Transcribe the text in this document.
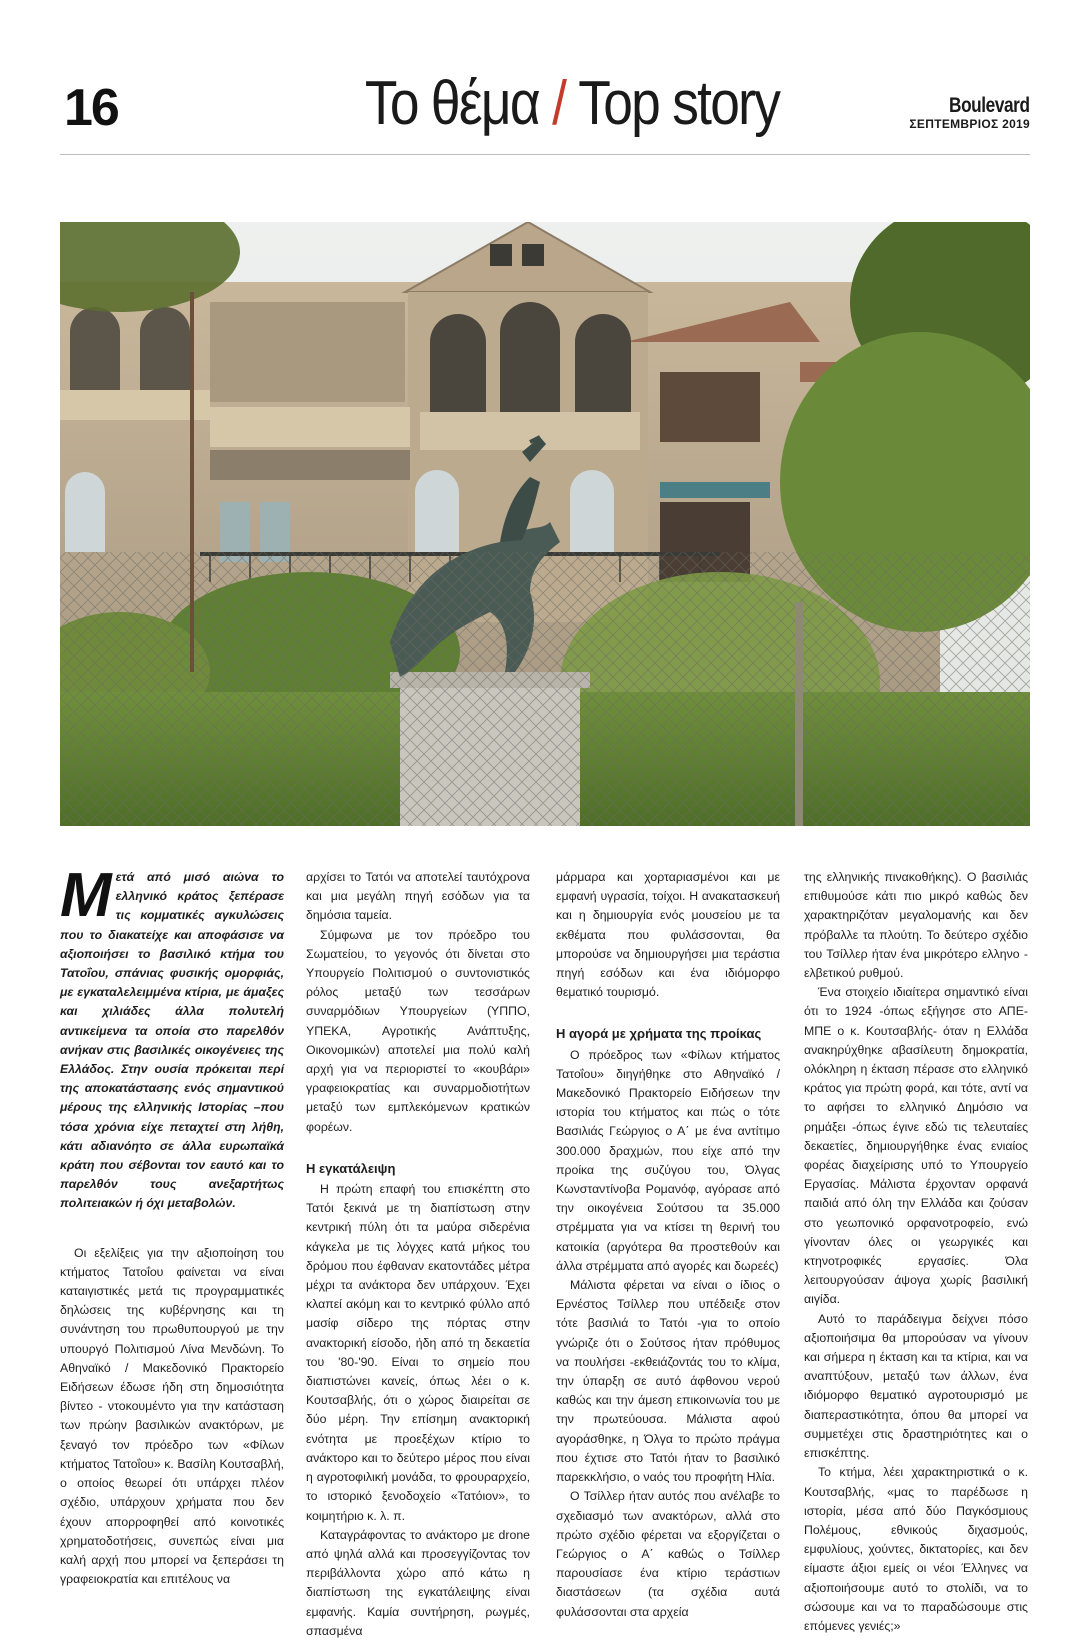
16	Το θέμα / Top story	Boulevard
ΣΕΠΤΕΜΒΡΙΟΣ 2019

Μετά από μισό αιώνα το ελληνικό κράτος ξεπέρασε τις κομματικές αγκυλώσεις που το διακατείχε και αποφάσισε να αξιοποιήσει το βασιλικό κτήμα του Τατοΐου, σπάνιας φυσικής ομορφιάς, με εγκαταλελειμμένα κτίρια, με άμαξες και χιλιάδες άλλα πολυτελή αντικείμενα τα οποία στο παρελθόν ανήκαν στις βασιλικές οικογένειες της Ελλάδος. Στην ουσία πρόκειται περί της αποκατάστασης ενός σημαντικού μέρους της ελληνικής Ιστορίας –που τόσα χρόνια είχε πεταχτεί στη λήθη, κάτι αδιανόητο σε άλλα ευρωπαϊκά κράτη που σέβονται τον εαυτό και το παρελθόν τους ανεξαρτήτως πολιτειακών ή όχι μεταβολών.

Οι εξελίξεις για την αξιοποίηση του κτήματος Τατοΐου φαίνεται να είναι καταιγιστικές μετά τις προγραμματικές δηλώσεις της κυβέρνησης και τη συνάντηση του πρωθυπουργού με την υπουργό Πολιτισμού Λίνα Μενδώνη. Το Αθηναϊκό / Μακεδονικό Πρακτορείο Ειδήσεων έδωσε ήδη στη δημοσιότητα βίντεο - ντοκουμέντο για την κατάσταση των πρώην βασιλικών ανακτόρων, με ξεναγό τον πρόεδρο των «Φίλων κτήματος Τατοΐου» κ. Βασίλη Κουτσαβλή, ο οποίος θεωρεί ότι υπάρχει πλέον σχέδιο, υπάρχουν χρήματα που δεν έχουν απορροφηθεί από κοινοτικές χρηματοδοτήσεις, συνεπώς είναι μια καλή αρχή που μπορεί να ξεπεράσει τη γραφειοκρατία και επιτέλους να

αρχίσει το Τατόι να αποτελεί ταυτόχρονα και μια μεγάλη πηγή εσόδων για τα δημόσια ταμεία.

Σύμφωνα με τον πρόεδρο του Σωματείου, το γεγονός ότι δίνεται στο Υπουργείο Πολιτισμού ο συντονιστικός ρόλος μεταξύ των τεσσάρων συναρμόδιων Υπουργείων (ΥΠΠΟ, ΥΠΕΚΑ, Αγροτικής Ανάπτυξης, Οικονομικών) αποτελεί μια πολύ καλή αρχή για να περιοριστεί το «κουβάρι» γραφειοκρατίας και συναρμοδιοτήτων μεταξύ των εμπλεκόμενων κρατικών φορέων.

Η εγκατάλειψη

Η πρώτη επαφή του επισκέπτη στο Τατόι ξεκινά με τη διαπίστωση στην κεντρική πύλη ότι τα μαύρα σιδερένια κάγκελα με τις λόγχες κατά μήκος του δρόμου που έφθαναν εκατοντάδες μέτρα μέχρι τα ανάκτορα δεν υπάρχουν. Έχει κλαπεί ακόμη και το κεντρικό φύλλο από μασίφ σίδερο της πόρτας στην ανακτορική είσοδο, ήδη από τη δεκαετία του '80-'90. Είναι το σημείο που διαπιστώνει κανείς, όπως λέει ο κ. Κουτσαβλής, ότι ο χώρος διαιρείται σε δύο μέρη. Την επίσημη ανακτορική ενότητα με προεξέχων κτίριο το ανάκτορο και το δεύτερο μέρος που είναι η αγροτοφιλική μονάδα, το φρουραρχείο, το ιστορικό ξενοδοχείο «Τατόιον», το κοιμητήριο κ. λ. π.

Καταγράφοντας το ανάκτορο με drone από ψηλά αλλά και προσεγγίζοντας τον περιβάλλοντα χώρο από κάτω η διαπίστωση της εγκατάλειψης είναι εμφανής. Καμία συντήρηση, ρωγμές, σπασμένα

μάρμαρα και χορταριασμένοι και με εμφανή υγρασία, τοίχοι. Η ανακατασκευή και η δημιουργία ενός μουσείου με τα εκθέματα που φυλάσσονται, θα μπορούσε να δημιουργήσει μια τεράστια πηγή εσόδων και ένα ιδιόμορφο θεματικό τουρισμό.

Η αγορά με χρήματα της προίκας

Ο πρόεδρος των «Φίλων κτήματος Τατοΐου» διηγήθηκε στο Αθηναϊκό / Μακεδονικό Πρακτορείο Ειδήσεων την ιστορία του κτήματος και πώς ο τότε Βασιλιάς Γεώργιος ο Α΄ με ένα αντίτιμο 300.000 δραχμών, που είχε από την προίκα της συζύγου του, Όλγας Κωνσταντίνοβα Ρομανόφ, αγόρασε από την οικογένεια Σούτσου τα 35.000 στρέμματα για να κτίσει τη θερινή του κατοικία (αργότερα θα προστεθούν και άλλα στρέμματα από αγορές και δωρεές)

Μάλιστα φέρεται να είναι ο ίδιος ο Ερνέστος Τσίλλερ που υπέδειξε στον τότε βασιλιά το Τατόι -για το οποίο γνώριζε ότι ο Σούτσος ήταν πρόθυμος να πουλήσει -εκθειάζοντάς του το κλίμα, την ύπαρξη σε αυτό άφθονου νερού καθώς και την άμεση επικοινωνία του με την πρωτεύουσα. Μάλιστα αφού αγοράσθηκε, η Όλγα το πρώτο πράγμα που έχτισε στο Τατόι ήταν το βασιλικό παρεκκλήσιο, ο ναός του προφήτη Ηλία.

Ο Τσίλλερ ήταν αυτός που ανέλαβε το σχεδιασμό των ανακτόρων, αλλά στο πρώτο σχέδιο φέρεται να εξοργίζεται ο Γεώργιος ο Α΄ καθώς ο Τσίλλερ παρουσίασε ένα κτίριο τεράστιων διαστάσεων (τα σχέδια αυτά φυλάσσονται στα αρχεία

της ελληνικής πινακοθήκης). Ο βασιλιάς επιθυμούσε κάτι πιο μικρό καθώς δεν χαρακτηριζόταν μεγαλομανής και δεν πρόβαλλε τα πλούτη. Το δεύτερο σχέδιο του Τσίλλερ ήταν ένα μικρότερο ελληνο - ελβετικού ρυθμού.

Ένα στοιχείο ιδιαίτερα σημαντικό είναι ότι το 1924 -όπως εξήγησε στο ΑΠΕ-ΜΠΕ ο κ. Κουτσαβλής- όταν η Ελλάδα ανακηρύχθηκε αβασίλευτη δημοκρατία, ολόκληρη η έκταση πέρασε στο ελληνικό κράτος για πρώτη φορά, και τότε, αντί να το αφήσει το ελληνικό Δημόσιο να ρημάξει -όπως έγινε εδώ τις τελευταίες δεκαετίες, δημιουργήθηκε ένας ενιαίος φορέας διαχείρισης υπό το Υπουργείο Εργασίας. Μάλιστα έρχονταν ορφανά παιδιά από όλη την Ελλάδα και ζούσαν στο γεωπονικό ορφανοτροφείο, ενώ γίνονταν όλες οι γεωργικές και κτηνοτροφικές εργασίες. Όλα λειτουργούσαν άψογα χωρίς βασιλική αιγίδα.

Αυτό το παράδειγμα δείχνει πόσο αξιοποιήσιμα θα μπορούσαν να γίνουν και σήμερα η έκταση και τα κτίρια, και να αναπτύξουν, μεταξύ των άλλων, ένα ιδιόμορφο θεματικό αγροτουρισμό με διαπεραστικότητα, όπου θα μπορεί να συμμετέχει στις δραστηριότητες και ο επισκέπτης.

Το κτήμα, λέει χαρακτηριστικά ο κ. Κουτσαβλής, «μας το παρέδωσε η ιστορία, μέσα από δύο Παγκόσμιους Πολέμους, εθνικούς διχασμούς, εμφυλίους, χούντες, δικτατορίες, και δεν είμαστε άξιοι εμείς οι νέοι Έλληνες να αξιοποιήσουμε αυτό το στολίδι, να το σώσουμε και να το παραδώσουμε στις επόμενες γενιές;»
